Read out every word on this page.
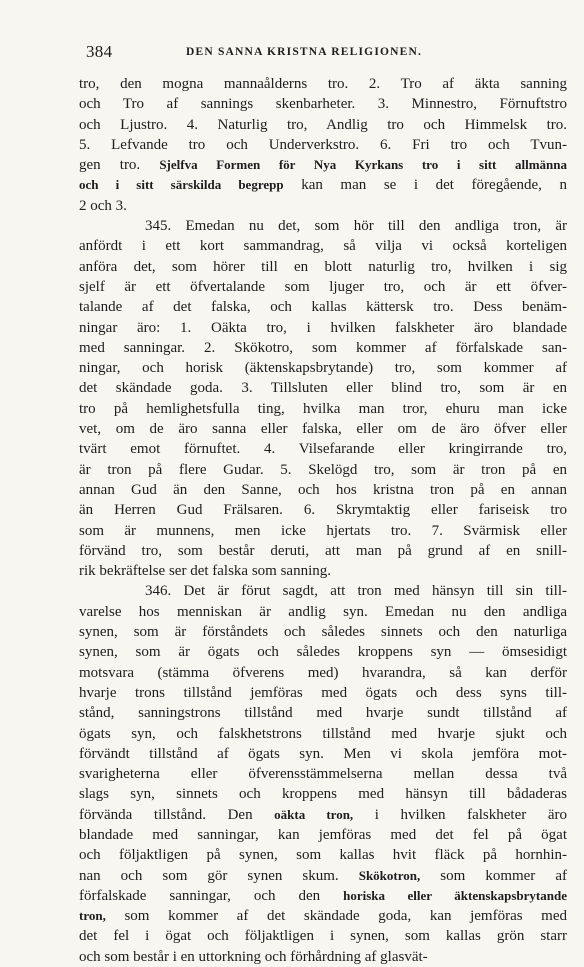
384	DEN SANNA KRISTNA RELIGIONEN.
tro, den mogna mannaålderns tro. 2. Tro af äkta sanning
och Tro af sannings skenbarheter. 3. Minnestro, Förnuftstro
och Ljustro. 4. Naturlig tro, Andlig tro och Himmelsk tro.
5. Lefvande tro och Underverkstro. 6. Fri tro och Tvun-
gen tro. Sjelfva Formen för Nya Kyrkans tro i sitt allmänna
och i sitt särskilda begrepp kan man se i det föregående, n
2 och 3.
345. Emedan nu det, som hör till den andliga tron, är
anfördt i ett kort sammandrag, så vilja vi också korteligen
anföra det, som hörer till en blott naturlig tro, hvilken i sig
sjelf är ett öfvertalande som ljuger tro, och är ett öfver-
talande af det falska, och kallas kättersk tro. Dess benäm-
ningar äro: 1. Oäkta tro, i hvilken falskheter äro blandade
med sanningar. 2. Skökotro, som kommer af förfalskade san-
ningar, och horisk (äktenskapsbrytande) tro, som kommer af
det skändade goda. 3. Tillsluten eller blind tro, som är en
tro på hemlighetsfulla ting, hvilka man tror, ehuru man icke
vet, om de äro sanna eller falska, eller om de äro öfver eller
tvärt emot förnuftet. 4. Vilsefarande eller kringirrande tro,
är tron på flere Gudar. 5. Skelögd tro, som är tron på en
annan Gud än den Sanne, och hos kristna tron på en annan
än Herren Gud Frälsaren. 6. Skrymtaktig eller fariseisk tro
som är munnens, men icke hjertats tro. 7. Svärmisk eller
förvänd tro, som består deruti, att man på grund af en snill-
rik bekräftelse ser det falska som sanning.
346. Det är förut sagdt, att tron med hänsyn till sin till-
varelse hos menniskan är andlig syn. Emedan nu den andliga
synen, som är förståndets och således sinnets och den naturliga
synen, som är ögats och således kroppens syn — ömsesidigt
motsvara (stämma öfverens med) hvarandra, så kan derför
hvarje trons tillstånd jemföras med ögats och dess syns till-
stånd, sanningstrons tillstånd med hvarje sundt tillstånd af
ögats syn, och falskhetstrons tillstånd med hvarje sjukt och
förvändt tillstånd af ögats syn. Men vi skola jemföra mot-
svarigheterna eller öfverensstämmelserna mellan dessa två
slags syn, sinnets och kroppens med hänsyn till bådaderas
förvända tillstånd. Den oäkta tron, i hvilken falskheter äro
blandade med sanningar, kan jemföras med det fel på ögat
och följaktligen på synen, som kallas hvit fläck på hornhin-
nan och som gör synen skum. Skökotron, som kommer af
förfalskade sanningar, och den horiska eller äktenskapsbrytande
tron, som kommer af det skändade goda, kan jemföras med
det fel i ögat och följaktligen i synen, som kallas grön starr
och som består i en uttorkning och förhårdning af glasvät-
